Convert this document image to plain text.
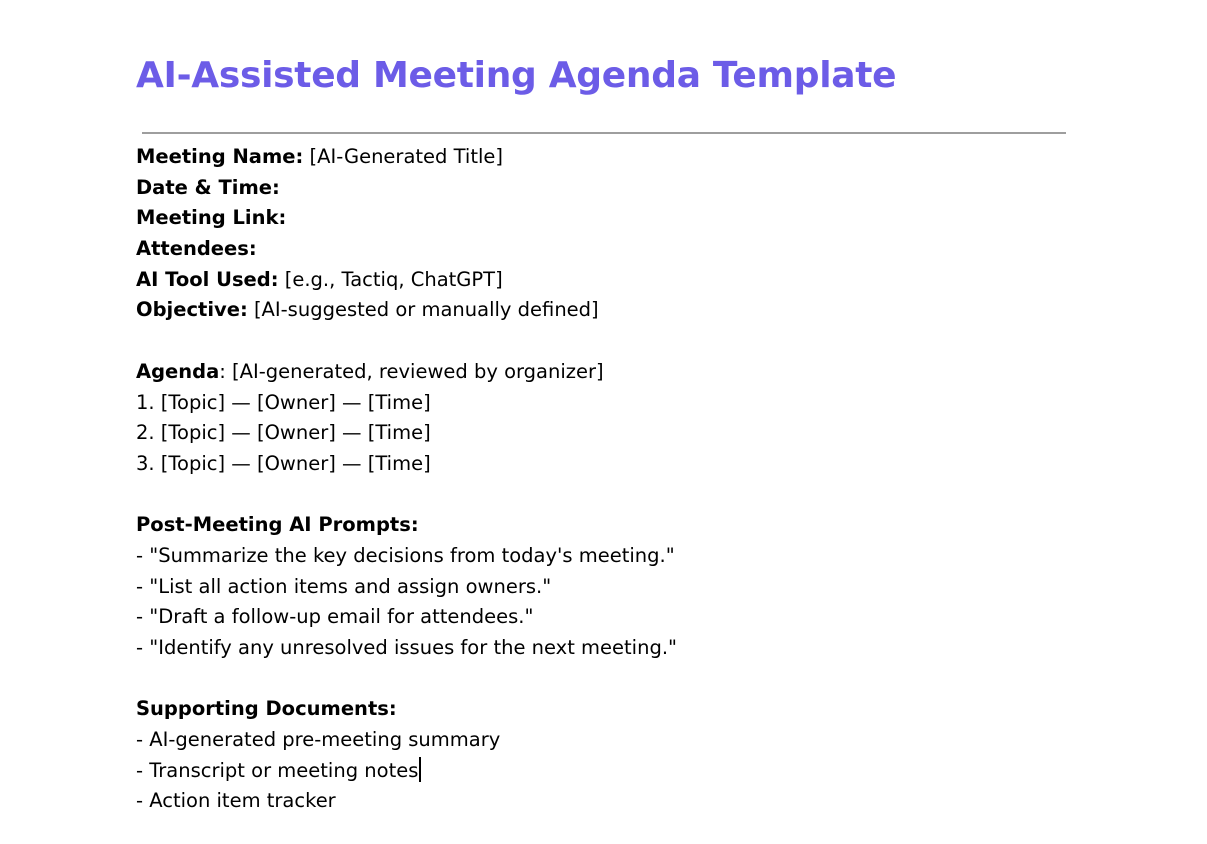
AI-Assisted Meeting Agenda Template
Meeting Name: [AI-Generated Title]
Date & Time:
Meeting Link:
Attendees:
AI Tool Used: [e.g., Tactiq, ChatGPT]
Objective: [AI-suggested or manually defined]
Agenda: [AI-generated, reviewed by organizer]
1. [Topic] — [Owner] — [Time]
2. [Topic] — [Owner] — [Time]
3. [Topic] — [Owner] — [Time]
Post-Meeting AI Prompts:
- "Summarize the key decisions from today's meeting."
- "List all action items and assign owners."
- "Draft a follow-up email for attendees."
- "Identify any unresolved issues for the next meeting."
Supporting Documents:
- AI-generated pre-meeting summary
- Transcript or meeting notes
- Action item tracker
